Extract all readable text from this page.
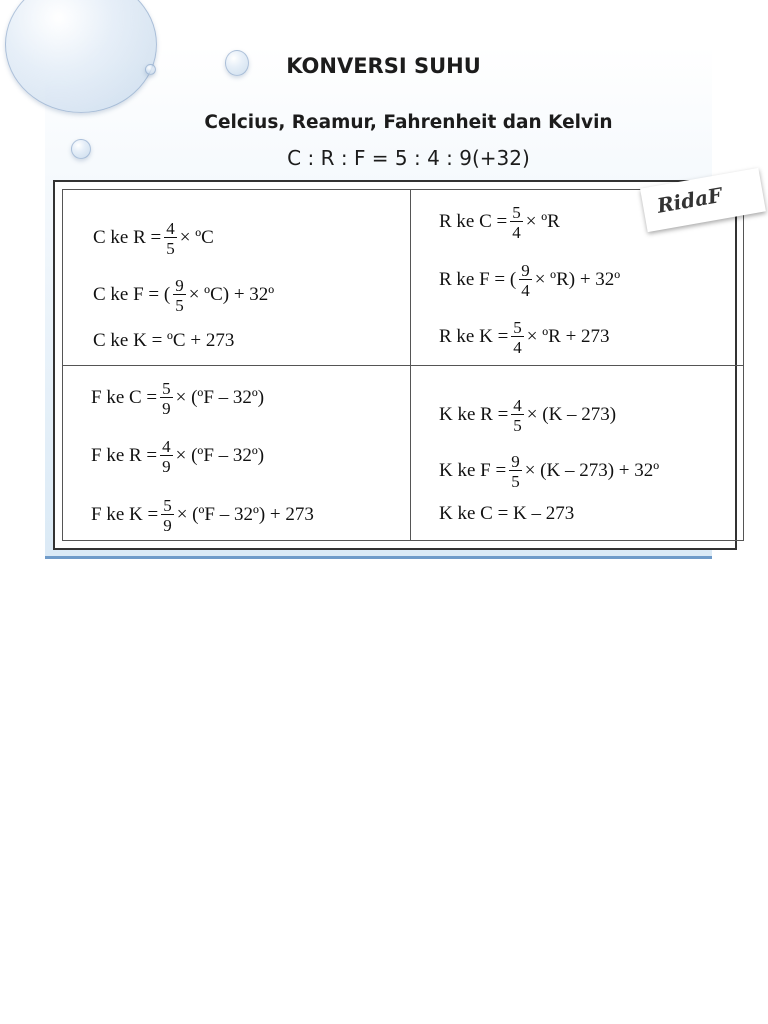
KONVERSI SUHU
Celcius, Reamur, Fahrenheit dan Kelvin
C : R : F = 5 : 4 : 9(+32)
C ke $R = \frac{4}{5}$ × ºC
C ke F = ( $\frac{9}{5}$ × ºC) + 32º
C ke K = ºC + 273
R ke $C = \frac{5}{4}$ × ºR
R ke F = ( $\frac{9}{4}$ × ºR) + 32º
R ke $K = \frac{5}{4}$ × ºR + 273
F ke $C = \frac{5}{9}$ × (ºF – 32º)
F ke $R = \frac{4}{9}$ × (ºF – 32º)
F ke $K = \frac{5}{9}$ × (ºF – 32º) + 273
K ke $R = \frac{4}{5} \times (K - 273)$
K ke $F = \frac{9}{5} \times (K - 273)$ + 32º
K ke C = K – 273
RidaF
